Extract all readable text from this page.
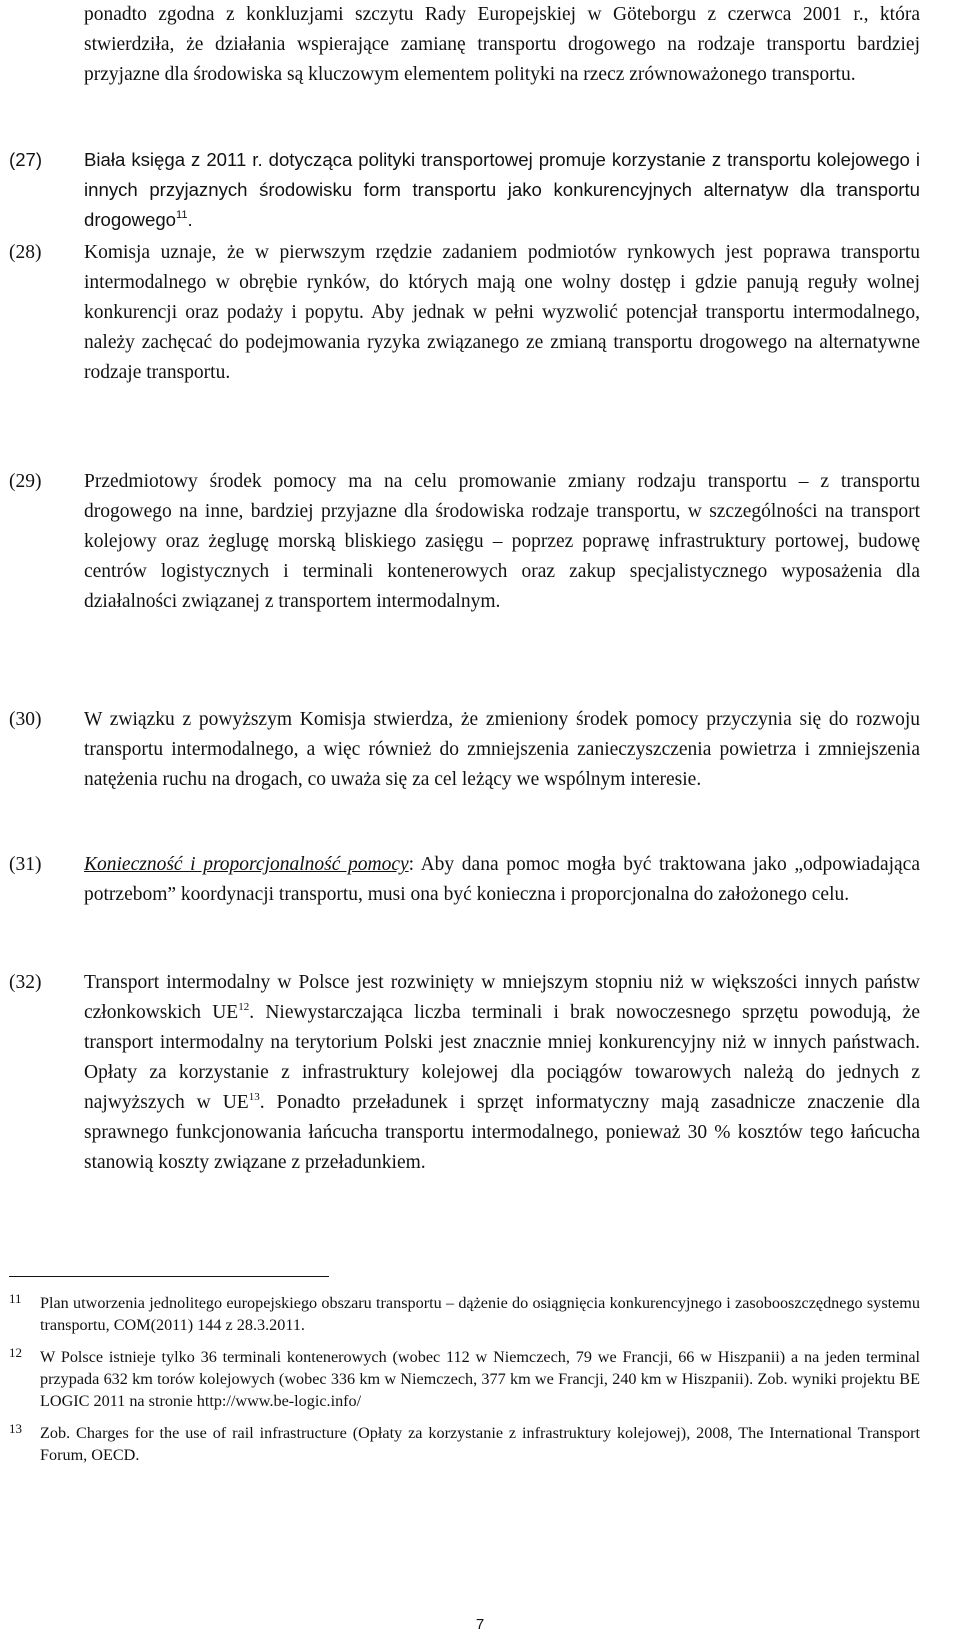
ponadto zgodna z konkluzjami szczytu Rady Europejskiej w Göteborgu z czerwca 2001 r., która stwierdziła, że działania wspierające zamianę transportu drogowego na rodzaje transportu bardziej przyjazne dla środowiska są kluczowym elementem polityki na rzecz zrównoważonego transportu.

(27) Biała księga z 2011 r. dotycząca polityki transportowej promuje korzystanie z transportu kolejowego i innych przyjaznych środowisku form transportu jako konkurencyjnych alternatyw dla transportu drogowego$^{11}$.
(28) Komisja uznaje, że w pierwszym rzędzie zadaniem podmiotów rynkowych jest poprawa transportu intermodalnego w obrębie rynków, do których mają one wolny dostęp i gdzie panują reguły wolnej konkurencji oraz podaży i popytu. Aby jednak w pełni wyzwolić potencjał transportu intermodalnego, należy zachęcać do podejmowania ryzyka związanego ze zmianą transportu drogowego na alternatywne rodzaje transportu.
(29) Przedmiotowy środek pomocy ma na celu promowanie zmiany rodzaju transportu – z transportu drogowego na inne, bardziej przyjazne dla środowiska rodzaje transportu, w szczególności na transport kolejowy oraz żeglugę morską bliskiego zasięgu – poprzez poprawę infrastruktury portowej, budowę centrów logistycznych i terminali kontenerowych oraz zakup specjalistycznego wyposażenia dla działalności związanej z transportem intermodalnym.
(30) W związku z powyższym Komisja stwierdza, że zmieniony środek pomocy przyczynia się do rozwoju transportu intermodalnego, a więc również do zmniejszenia zanieczyszczenia powietrza i zmniejszenia natężenia ruchu na drogach, co uważa się za cel leżący we wspólnym interesie.
(31) Konieczność i proporcjonalność pomocy: Aby dana pomoc mogła być traktowana jako „odpowiadająca potrzebom” koordynacji transportu, musi ona być konieczna i proporcjonalna do założonego celu.
(32) Transport intermodalny w Polsce jest rozwinięty w mniejszym stopniu niż w większości innych państw członkowskich UE$^{12}$. Niewystarczająca liczba terminali i brak nowoczesnego sprzętu powodują, że transport intermodalny na terytorium Polski jest znacznie mniej konkurencyjny niż w innych państwach. Opłaty za korzystanie z infrastruktury kolejowej dla pociągów towarowych należą do jednych z najwyższych w UE$^{13}$. Ponadto przeładunek i sprzęt informatyczny mają zasadnicze znaczenie dla sprawnego funkcjonowania łańcucha transportu intermodalnego, ponieważ 30 % kosztów tego łańcucha stanowią koszty związane z przeładunkiem.
11 Plan utworzenia jednolitego europejskiego obszaru transportu – dążenie do osiągnięcia konkurencyjnego i zasobooszczędnego systemu transportu, COM(2011) 144 z 28.3.2011.
12 W Polsce istnieje tylko 36 terminali kontenerowych (wobec 112 w Niemczech, 79 we Francji, 66 w Hiszpanii) a na jeden terminal przypada 632 km torów kolejowych (wobec 336 km w Niemczech, 377 km we Francji, 240 km w Hiszpanii). Zob. wyniki projektu BE LOGIC 2011 na stronie http://www.be-logic.info/
13 Zob. Charges for the use of rail infrastructure (Opłaty za korzystanie z infrastruktury kolejowej), 2008, The International Transport Forum, OECD.
7
